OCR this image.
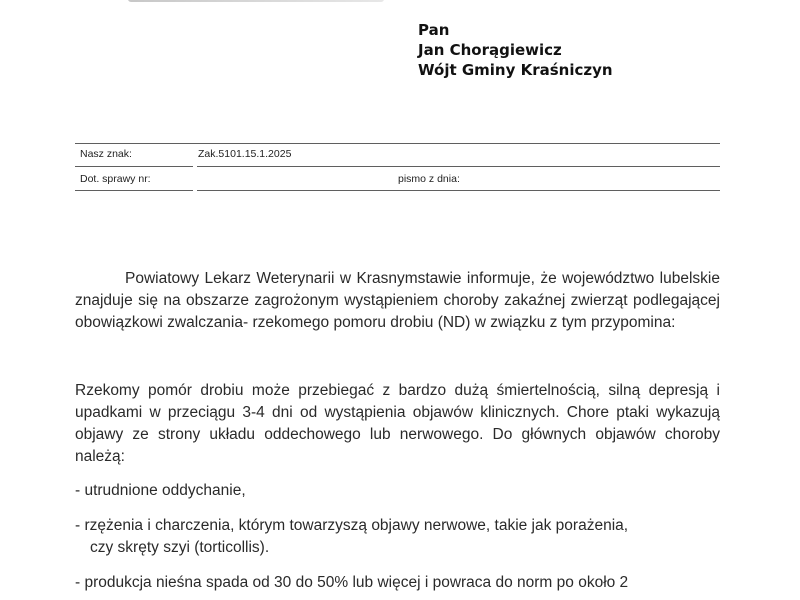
Pan
Jan Chorągiewicz
Wójt Gminy Kraśniczyn
Nasz znak:	Zak.5101.15.1.2025
Dot. sprawy nr:	pismo z dnia:

Powiatowy Lekarz Weterynarii w Krasnymstawie informuje, że województwo lubelskie znajduje się na obszarze zagrożonym wystąpieniem choroby zakaźnej zwierząt podlegającej obowiązkowi zwalczania- rzekomego pomoru drobiu (ND) w związku z tym przypomina:

Rzekomy pomór drobiu może przebiegać z bardzo dużą śmiertelnością, silną depresją i upadkami w przeciągu 3-4 dni od wystąpienia objawów klinicznych. Chore ptaki wykazują objawy ze strony układu oddechowego lub nerwowego. Do głównych objawów choroby należą:

- utrudnione oddychanie,
- rzężenia i charczenia, którym towarzyszą objawy nerwowe, takie jak porażenia,
czy skręty szyi (torticollis).
- produkcja nieśna spada od 30 do 50% lub więcej i powraca do norm po około 2
